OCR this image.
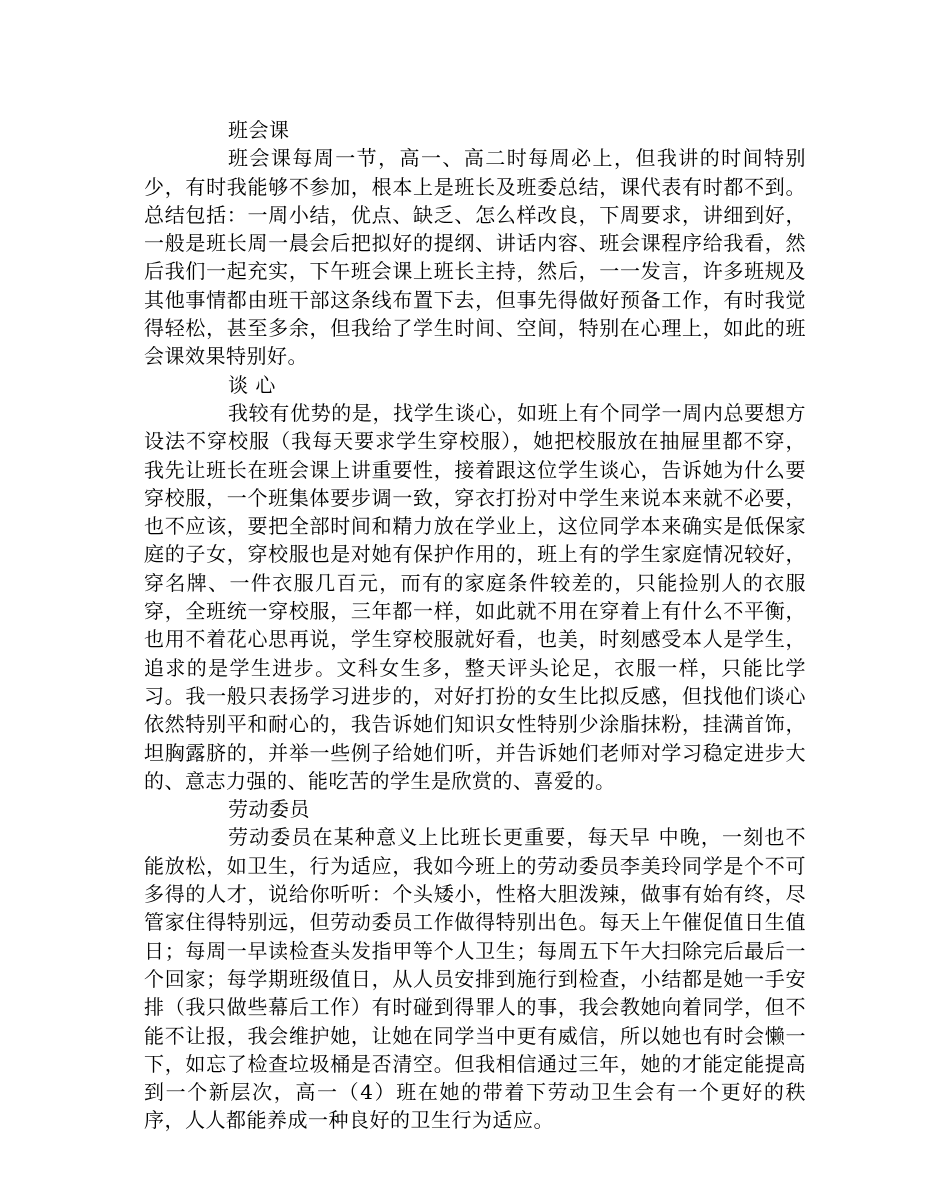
班会课

班会课每周一节，高一、高二时每周必上，但我讲的时间特别少，有时我能够不参加，根本上是班长及班委总结，课代表有时都不到。总结包括：一周小结，优点、缺乏、怎么样改良，下周要求，讲细到好，一般是班长周一晨会后把拟好的提纲、讲话内容、班会课程序给我看，然后我们一起充实，下午班会课上班长主持，然后，一一发言，许多班规及其他事情都由班干部这条线布置下去，但事先得做好预备工作，有时我觉得轻松，甚至多余，但我给了学生时间、空间，特别在心理上，如此的班会课效果特别好。

谈 心

我较有优势的是，找学生谈心，如班上有个同学一周内总要想方设法不穿校服（我每天要求学生穿校服），她把校服放在抽屉里都不穿，我先让班长在班会课上讲重要性，接着跟这位学生谈心，告诉她为什么要穿校服，一个班集体要步调一致，穿衣打扮对中学生来说本来就不必要，也不应该，要把全部时间和精力放在学业上，这位同学本来确实是低保家庭的子女，穿校服也是对她有保护作用的，班上有的学生家庭情况较好，穿名牌、一件衣服几百元，而有的家庭条件较差的，只能捡别人的衣服穿，全班统一穿校服，三年都一样，如此就不用在穿着上有什么不平衡，也用不着花心思再说，学生穿校服就好看，也美，时刻感受本人是学生，追求的是学生进步。文科女生多，整天评头论足，衣服一样，只能比学习。我一般只表扬学习进步的，对好打扮的女生比拟反感，但找他们谈心依然特别平和耐心的，我告诉她们知识女性特别少涂脂抹粉，挂满首饰，坦胸露脐的，并举一些例子给她们听，并告诉她们老师对学习稳定进步大的、意志力强的、能吃苦的学生是欣赏的、喜爱的。

劳动委员

劳动委员在某种意义上比班长更重要，每天早 中晚，一刻也不能放松，如卫生，行为适应，我如今班上的劳动委员李美玲同学是个不可多得的人才，说给你听听：个头矮小，性格大胆泼辣，做事有始有终，尽管家住得特别远，但劳动委员工作做得特别出色。每天上午催促值日生值日；每周一早读检查头发指甲等个人卫生；每周五下午大扫除完后最后一个回家；每学期班级值日，从人员安排到施行到检查，小结都是她一手安排（我只做些幕后工作）有时碰到得罪人的事，我会教她向着同学，但不能不让报，我会维护她，让她在同学当中更有威信，所以她也有时会懒一下，如忘了检查垃圾桶是否清空。但我相信通过三年，她的才能定能提高到一个新层次，高一（4）班在她的带着下劳动卫生会有一个更好的秩序，人人都能养成一种良好的卫生行为适应。
